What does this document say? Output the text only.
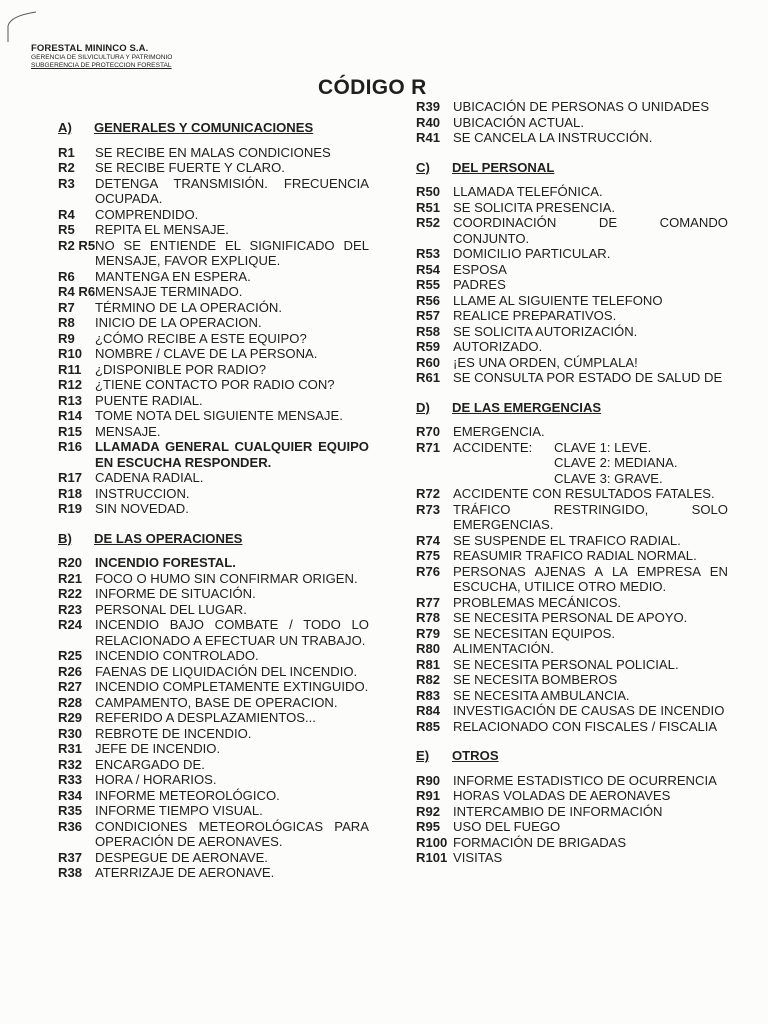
FORESTAL MININCO S.A.
GERENCIA DE SILVICULTURA Y PATRIMONIO
SUBGERENCIA DE PROTECCION FORESTAL
CÓDIGO R
A)	GENERALES Y COMUNICACIONES
R1	SE RECIBE EN MALAS CONDICIONES
R2	SE RECIBE FUERTE Y CLARO.
R3	DETENGA TRANSMISIÓN. FRECUENCIA OCUPADA.
R4	COMPRENDIDO.
R5	REPITA EL MENSAJE.
R2 R5 NO SE ENTIENDE EL SIGNIFICADO DEL MENSAJE, FAVOR EXPLIQUE.
R6	MANTENGA EN ESPERA.
R4 R6 MENSAJE TERMINADO.
R7	TÉRMINO DE LA OPERACIÓN.
R8	INICIO DE LA OPERACION.
R9	¿CÓMO RECIBE A ESTE EQUIPO?
R10 NOMBRE / CLAVE DE LA PERSONA.
R11	¿DISPONIBLE POR RADIO?
R12 ¿TIENE CONTACTO POR RADIO CON?
R13 PUENTE RADIAL.
R14 TOME NOTA DEL SIGUIENTE MENSAJE.
R15 MENSAJE.
R16 LLAMADA GENERAL CUALQUIER EQUIPO EN ESCUCHA RESPONDER.
R17 CADENA RADIAL.
R18 INSTRUCCION.
R19 SIN NOVEDAD.
B)	DE LAS OPERACIONES
R20 INCENDIO FORESTAL.
R21 FOCO O HUMO SIN CONFIRMAR ORIGEN.
R22 INFORME DE SITUACIÓN.
R23 PERSONAL DEL LUGAR.
R24 INCENDIO BAJO COMBATE / TODO LO RELACIONADO A EFECTUAR UN TRABAJO.
R25 INCENDIO CONTROLADO.
R26 FAENAS DE LIQUIDACIÓN DEL INCENDIO.
R27 INCENDIO COMPLETAMENTE EXTINGUIDO.
R28 CAMPAMENTO, BASE DE OPERACION.
R29 REFERIDO A DESPLAZAMIENTOS...
R30 REBROTE DE INCENDIO.
R31 JEFE DE INCENDIO.
R32 ENCARGADO DE.
R33 HORA / HORARIOS.
R34 INFORME METEOROLÓGICO.
R35 INFORME TIEMPO VISUAL.
R36 CONDICIONES METEOROLÓGICAS PARA OPERACIÓN DE AERONAVES.
R37 DESPEGUE DE AERONAVE.
R38 ATERRIZAJE DE AERONAVE.
R39 UBICACIÓN DE PERSONAS O UNIDADES
R40 UBICACIÓN ACTUAL.
R41 SE CANCELA LA INSTRUCCIÓN.
C)	DEL PERSONAL
R50 LLAMADA TELEFÓNICA.
R51 SE SOLICITA PRESENCIA.
R52 COORDINACIÓN DE COMANDO CONJUNTO.
R53 DOMICILIO PARTICULAR.
R54 ESPOSA
R55 PADRES
R56 LLAME AL SIGUIENTE TELEFONO
R57 REALICE PREPARATIVOS.
R58 SE SOLICITA AUTORIZACIÓN.
R59 AUTORIZADO.
R60 ¡ES UNA ORDEN, CÚMPLALA!
R61 SE CONSULTA POR ESTADO DE SALUD DE
D)	DE LAS EMERGENCIAS
R70 EMERGENCIA.
R71 ACCIDENTE:	CLAVE 1: LEVE.
CLAVE 2: MEDIANA.
CLAVE 3: GRAVE.
R72 ACCIDENTE CON RESULTADOS FATALES.
R73 TRÁFICO RESTRINGIDO, SOLO EMERGENCIAS.
R74 SE SUSPENDE EL TRAFICO RADIAL.
R75 REASUMIR TRAFICO RADIAL NORMAL.
R76 PERSONAS AJENAS A LA EMPRESA EN ESCUCHA, UTILICE OTRO MEDIO.
R77 PROBLEMAS MECÁNICOS.
R78 SE NECESITA PERSONAL DE APOYO.
R79 SE NECESITAN EQUIPOS.
R80 ALIMENTACIÓN.
R81 SE NECESITA PERSONAL POLICIAL.
R82 SE NECESITA BOMBEROS
R83 SE NECESITA AMBULANCIA.
R84 INVESTIGACIÓN DE CAUSAS DE INCENDIO
R85 RELACIONADO CON FISCALES / FISCALIA
E)	OTROS
R90 INFORME ESTADISTICO DE OCURRENCIA
R91 HORAS VOLADAS DE AERONAVES
R92 INTERCAMBIO DE INFORMACIÓN
R95 USO DEL FUEGO
R100 FORMACIÓN DE BRIGADAS
R101 VISITAS
